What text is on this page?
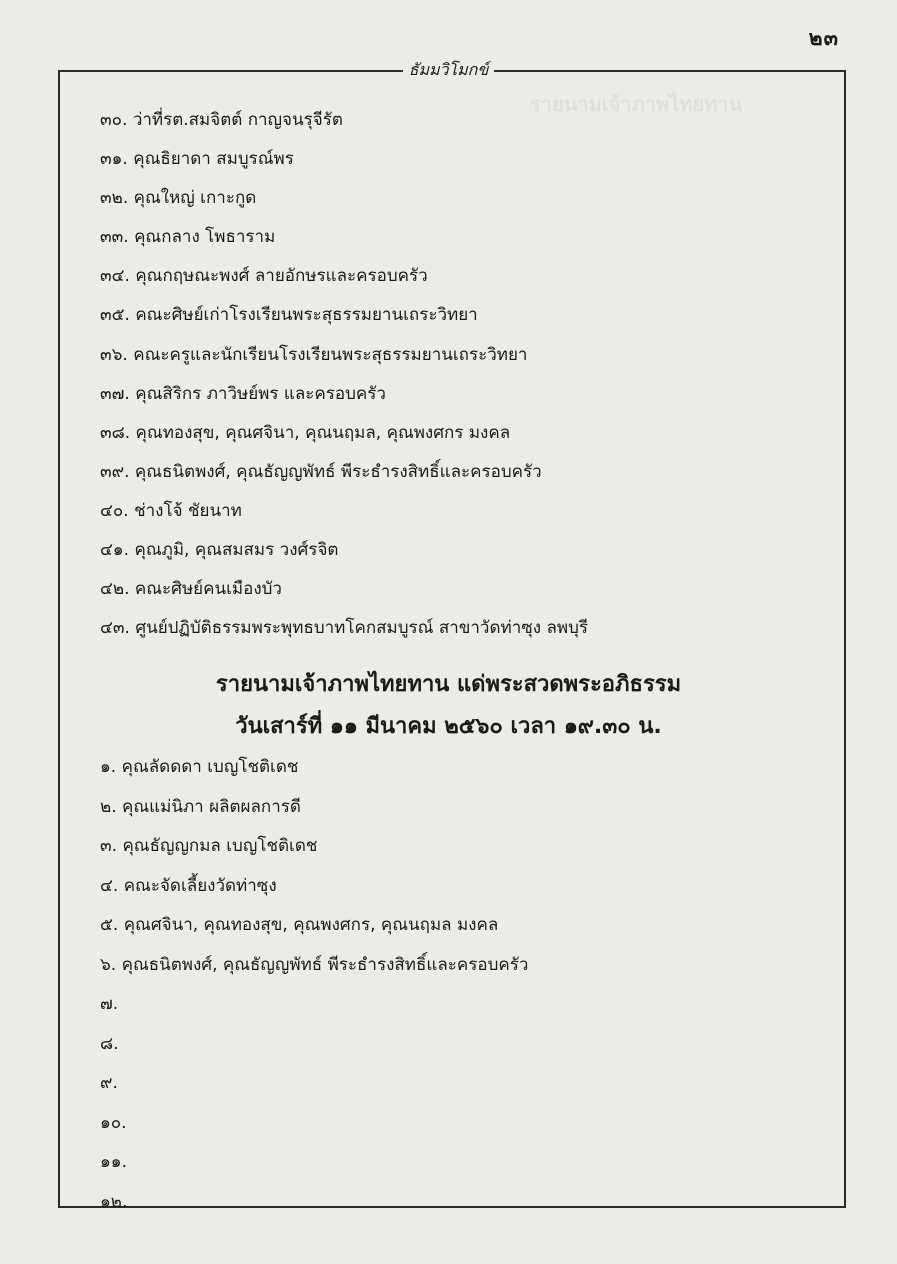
๒๓
ธัมมวิโมกข์
รายนามเจ้าภาพไทยทาน
๓๐. ว่าที่รต.สมจิตต์ กาญจนรุจีรัต
๓๑. คุณธิยาดา สมบูรณ์พร
๓๒. คุณใหญ่ เกาะกูด
๓๓. คุณกลาง โพธาราม
๓๔. คุณกฤษณะพงศ์ ลายอักษรและครอบครัว
๓๕. คณะศิษย์เก่าโรงเรียนพระสุธรรมยานเถระวิทยา
๓๖. คณะครูและนักเรียนโรงเรียนพระสุธรรมยานเถระวิทยา
๓๗. คุณสิริกร ภาวิษย์พร และครอบครัว
๓๘. คุณทองสุข, คุณศจินา, คุณนฤมล, คุณพงศกร มงคล
๓๙. คุณธนิตพงศ์, คุณธัญญพัทธ์ พีระธำรงสิทธิ์และครอบครัว
๔๐. ช่างโจ้ ชัยนาท
๔๑. คุณภูมิ, คุณสมสมร วงศ์รจิต
๔๒. คณะศิษย์คนเมืองบัว
๔๓. ศูนย์ปฏิบัติธรรมพระพุทธบาทโคกสมบูรณ์ สาขาวัดท่าซุง ลพบุรี
รายนามเจ้าภาพไทยทาน แด่พระสวดพระอภิธรรม
วันเสาร์ที่ ๑๑ มีนาคม ๒๕๖๐ เวลา ๑๙.๓๐ น.
๑. คุณลัดดดา เบญโชติเดช
๒. คุณแม่นิภา ผลิตผลการดี
๓. คุณธัญญกมล เบญโชติเดช
๔. คณะจัดเลี้ยงวัดท่าซุง
๕. คุณศจินา, คุณทองสุข, คุณพงศกร, คุณนฤมล มงคล
๖. คุณธนิตพงศ์, คุณธัญญพัทธ์ พีระธำรงสิทธิ์และครอบครัว
๗.
๘.
๙.
๑๐.
๑๑.
๑๒.
